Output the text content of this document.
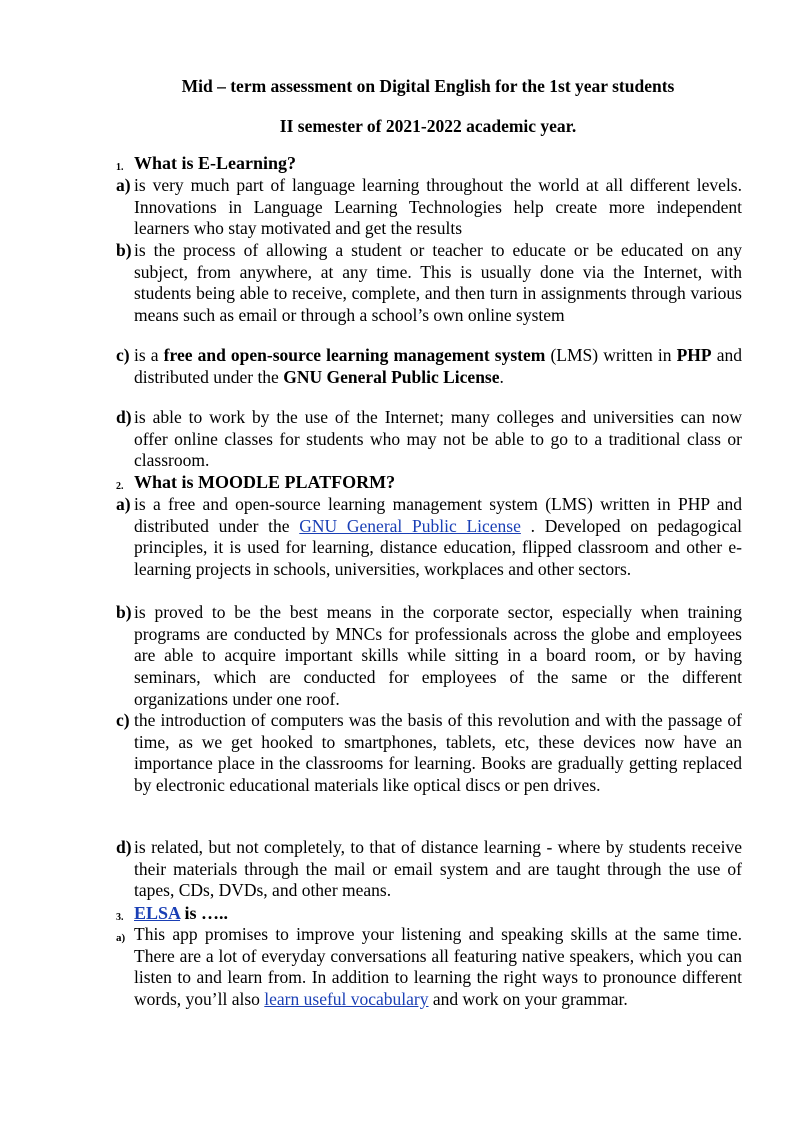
Mid – term assessment on Digital English for the 1st year students

II semester of 2021-2022 academic year.

1. What is E-Learning?
a) is very much part of language learning throughout the world at all different levels. Innovations in Language Learning Technologies help create more independent learners who stay motivated and get the results

b) is the process of allowing a student or teacher to educate or be educated on any subject, from anywhere, at any time. This is usually done via the Internet, with students being able to receive, complete, and then turn in assignments through various means such as email or through a school’s own online system

c) is a free and open-source learning management system (LMS) written in PHP and distributed under the GNU General Public License.

d) is able to work by the use of the Internet; many colleges and universities can now offer online classes for students who may not be able to go to a traditional class or classroom.

2. What is MOODLE PLATFORM?
a) is a free and open-source learning management system (LMS) written in PHP and distributed under the GNU General Public License . Developed on pedagogical principles, it is used for learning, distance education, flipped classroom and other e-learning projects in schools, universities, workplaces and other sectors.

b) is proved to be the best means in the corporate sector, especially when training programs are conducted by MNCs for professionals across the globe and employees are able to acquire important skills while sitting in a board room, or by having seminars, which are conducted for employees of the same or the different organizations under one roof.

c) the introduction of computers was the basis of this revolution and with the passage of time, as we get hooked to smartphones, tablets, etc, these devices now have an importance place in the classrooms for learning. Books are gradually getting replaced by electronic educational materials like optical discs or pen drives.

d) is related, but not completely, to that of distance learning - where by students receive their materials through the mail or email system and are taught through the use of tapes, CDs, DVDs, and other means.

3. ELSA is …..
a) This app promises to improve your listening and speaking skills at the same time. There are a lot of everyday conversations all featuring native speakers, which you can listen to and learn from. In addition to learning the right ways to pronounce different words, you’ll also learn useful vocabulary and work on your grammar.
